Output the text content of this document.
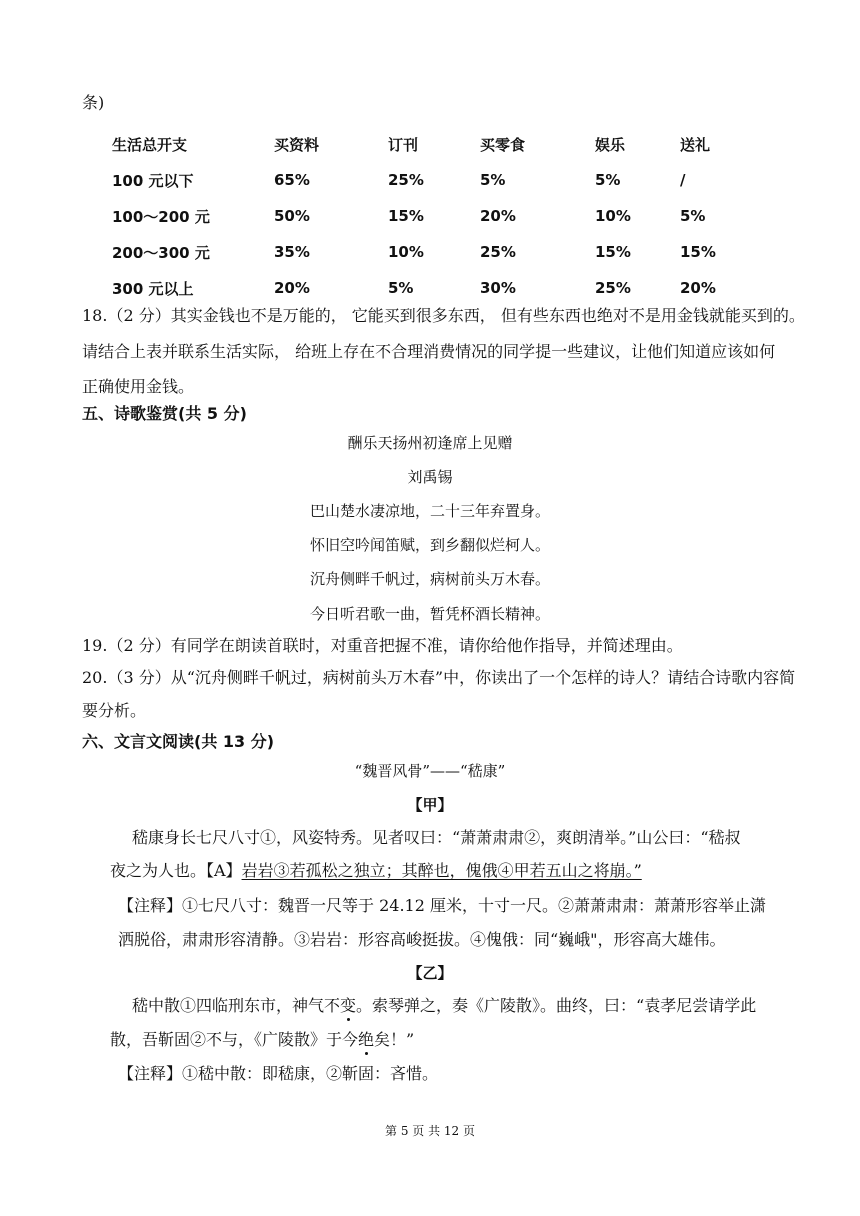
条)
生活总开支	买资料	订刊	买零食	娱乐	送礼
100 元以下	65%	25%	5%	5%	/
100～200 元	50%	15%	20%	10%	5%
200～300 元	35%	10%	25%	15%	15%
300 元以上	20%	5%	30%	25%	20%
18.（2 分）其实金钱也不是万能的， 它能买到很多东西， 但有些东西也绝对不是用金钱就能买到的。
请结合上表并联系生活实际， 给班上存在不合理消费情况的同学提一些建议，让他们知道应该如何
正确使用金钱。
五、诗歌鉴赏(共 5 分)
酬乐天扬州初逢席上见赠
刘禹锡
巴山楚水凄凉地，二十三年弃置身。
怀旧空吟闻笛赋，到乡翻似烂柯人。
沉舟侧畔千帆过，病树前头万木春。
今日听君歌一曲，暂凭杯酒长精神。
19.（2 分）有同学在朗读首联时，对重音把握不准，请你给他作指导，并简述理由。
20.（3 分）从“沉舟侧畔千帆过，病树前头万木春”中，你读出了一个怎样的诗人？请结合诗歌内容简
要分析。
六、文言文阅读(共 13 分)
“魏晋风骨”——“嵇康”
【甲】
嵇康身长七尺八寸①，风姿特秀。见者叹曰：“萧萧肃肃②，爽朗清举。”山公曰：“嵇叔
夜之为人也。【A】岩岩③若孤松之独立；其醉也，傀俄④甲若五山之将崩。”
【注释】①七尺八寸：魏晋一尺等于 24.12 厘米，十寸一尺。②萧萧肃肃：萧萧形容举止潇
洒脱俗，肃肃形容清静。③岩岩：形容高峻挺拔。④傀俄：同“巍峨"，形容高大雄伟。
【乙】
嵇中散①四临刑东市，神气不变。索琴弹之，奏《广陵散》。曲终，曰：“袁孝尼尝请学此
散，吾靳固②不与，《广陵散》于今绝矣！”
【注释】①嵇中散：即嵇康，②靳固：吝惜。
第 5 页 共 12 页
